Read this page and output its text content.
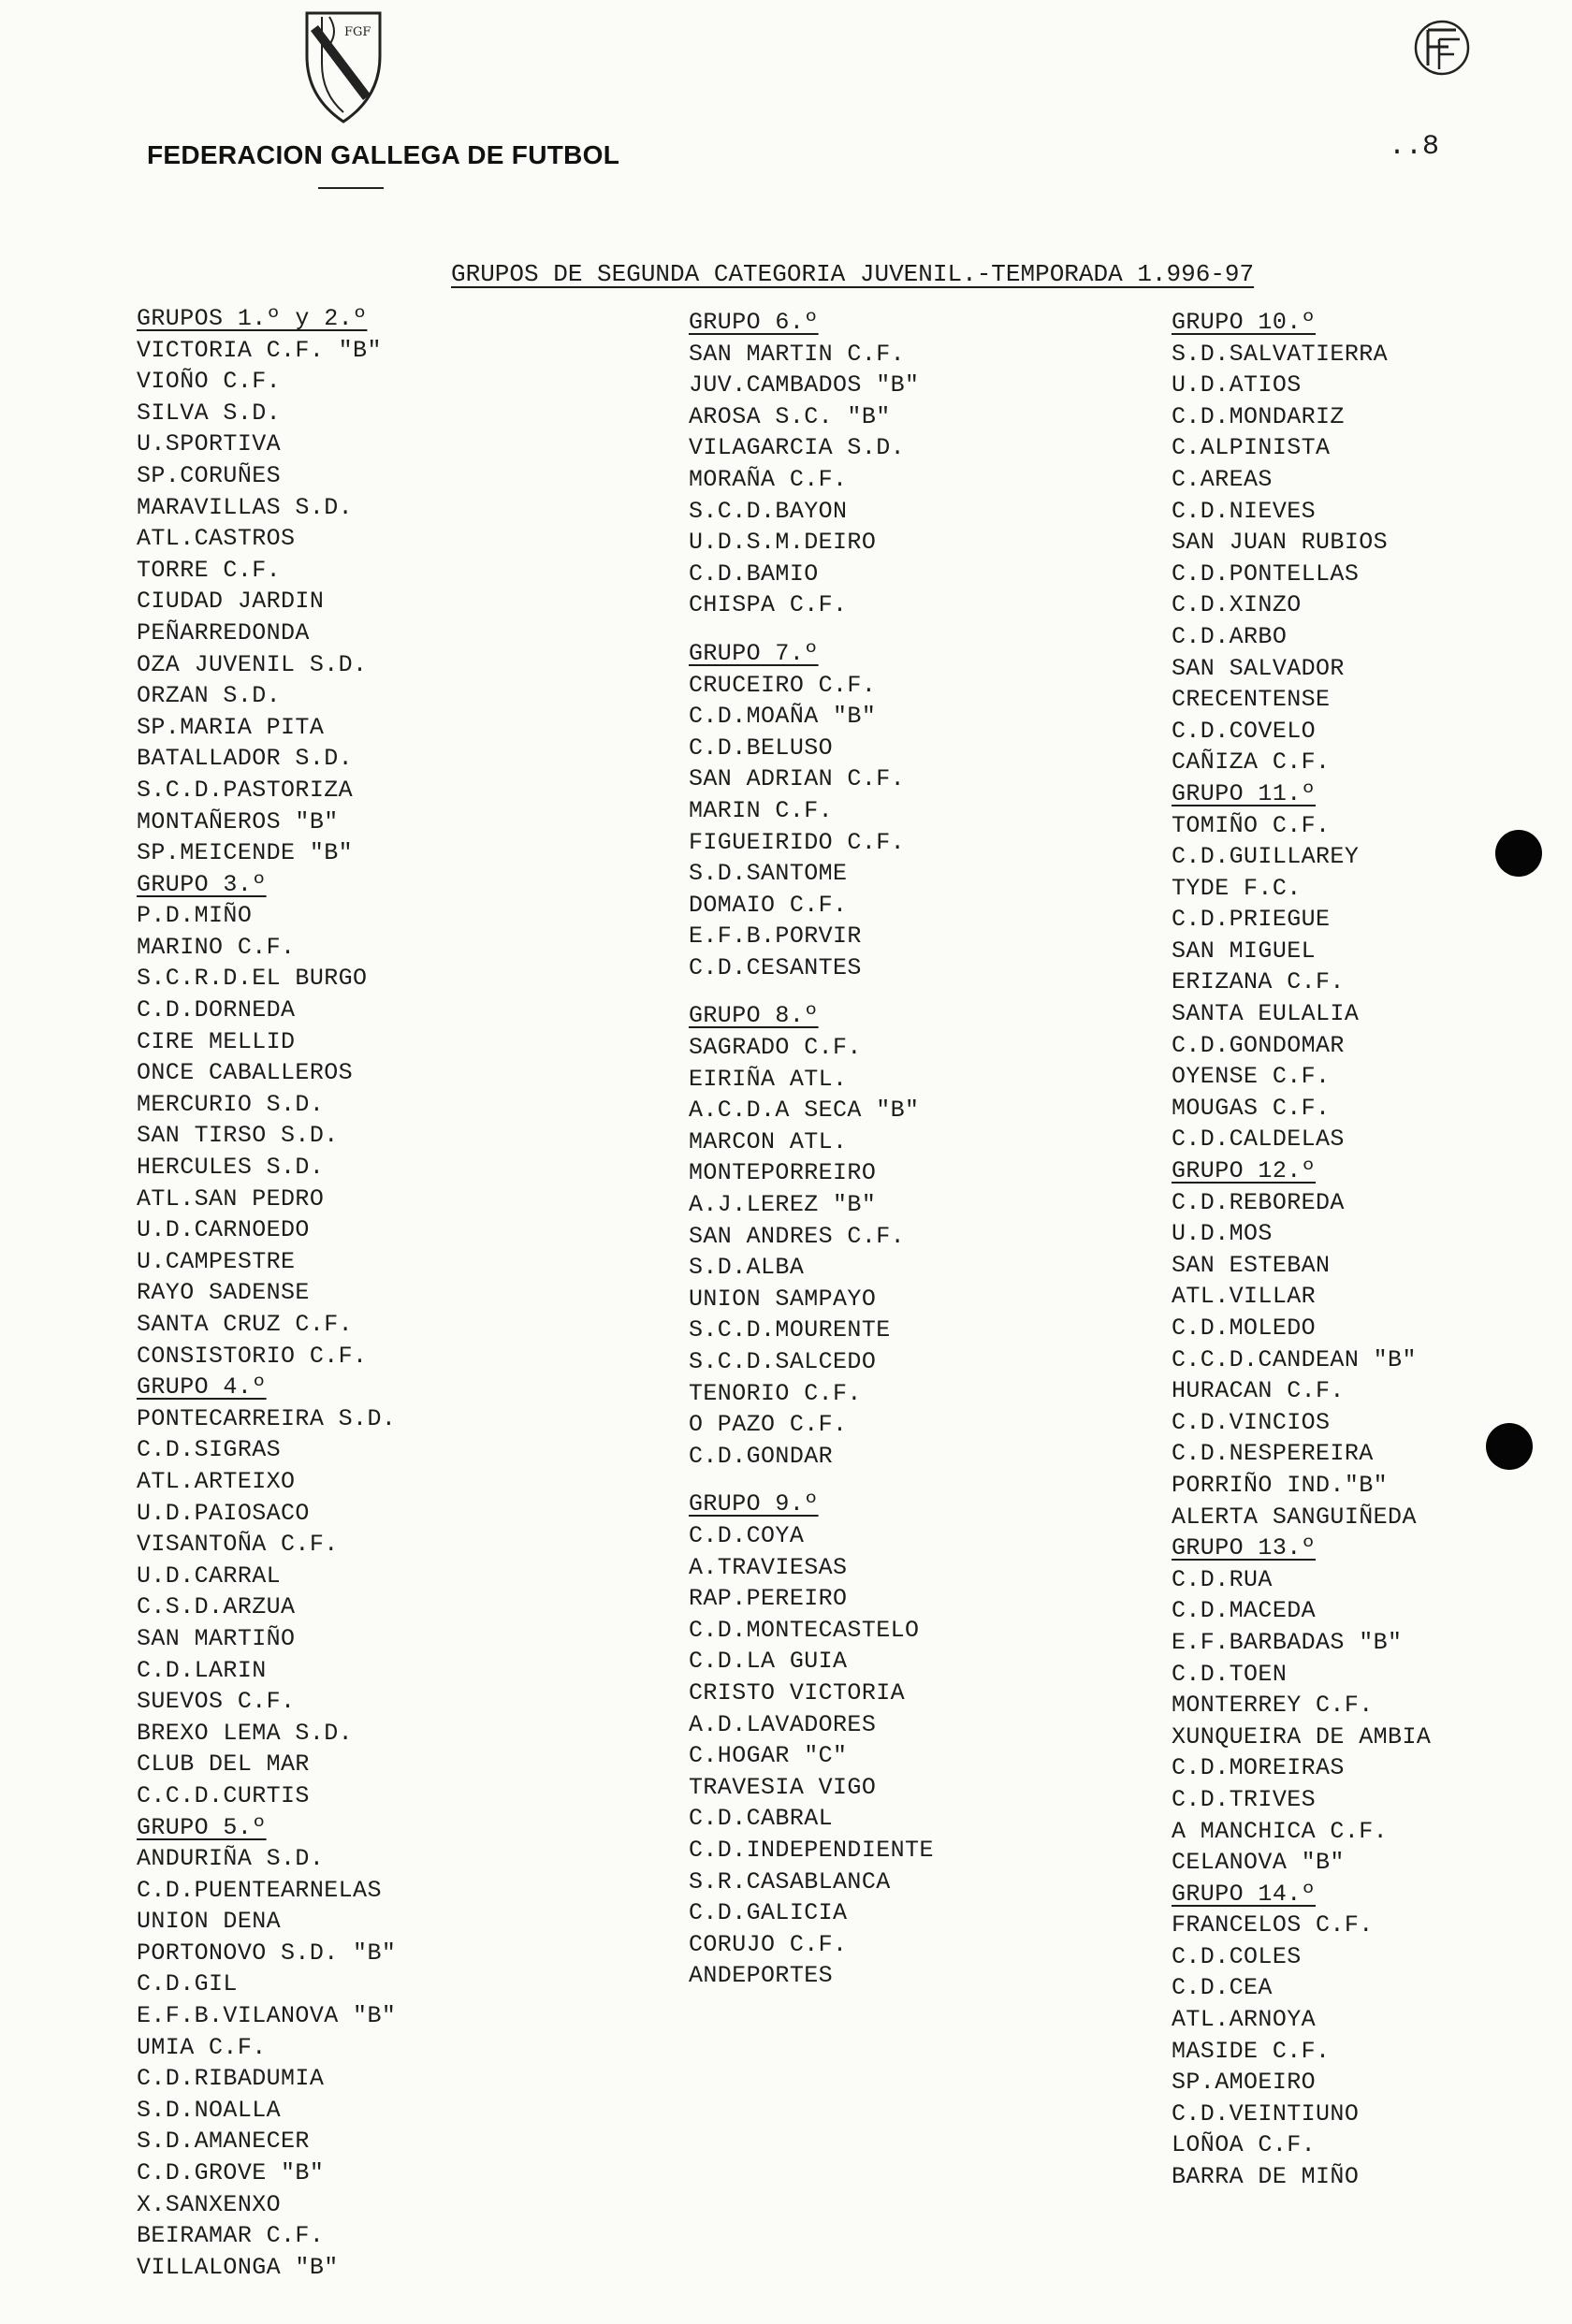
FGF
FEDERACION GALLEGA DE FUTBOL	..8
GRUPOS DE SEGUNDA CATEGORIA JUVENIL.-TEMPORADA 1.996-97
GRUPOS 1.º y 2.º
VICTORIA C.F. "B"
VIOÑO C.F.
SILVA S.D.
U.SPORTIVA
SP.CORUÑES
MARAVILLAS S.D.
ATL.CASTROS
TORRE C.F.
CIUDAD JARDIN
PEÑARREDONDA
OZA JUVENIL S.D.
ORZAN S.D.
SP.MARIA PITA
BATALLADOR S.D.
S.C.D.PASTORIZA
MONTAÑEROS "B"
SP.MEICENDE "B"
GRUPO 3.º
P.D.MIÑO
MARINO C.F.
S.C.R.D.EL BURGO
C.D.DORNEDA
CIRE MELLID
ONCE CABALLEROS
MERCURIO S.D.
SAN TIRSO S.D.
HERCULES S.D.
ATL.SAN PEDRO
U.D.CARNOEDO
U.CAMPESTRE
RAYO SADENSE
SANTA CRUZ C.F.
CONSISTORIO C.F.
GRUPO 4.º
PONTECARREIRA S.D.
C.D.SIGRAS
ATL.ARTEIXO
U.D.PAIOSACO
VISANTOÑA C.F.
U.D.CARRAL
C.S.D.ARZUA
SAN MARTIÑO
C.D.LARIN
SUEVOS C.F.
BREXO LEMA S.D.
CLUB DEL MAR
C.C.D.CURTIS
GRUPO 5.º
ANDURIÑA S.D.
C.D.PUENTEARNELAS
UNION DENA
PORTONOVO S.D. "B"
C.D.GIL
E.F.B.VILANOVA "B"
UMIA C.F.
C.D.RIBADUMIA
S.D.NOALLA
S.D.AMANECER
C.D.GROVE "B"
X.SANXENXO
BEIRAMAR C.F.
VILLALONGA "B"
GRUPO 6.º
SAN MARTIN C.F.
JUV.CAMBADOS "B"
AROSA S.C. "B"
VILAGARCIA S.D.
MORAÑA C.F.
S.C.D.BAYON
U.D.S.M.DEIRO
C.D.BAMIO
CHISPA C.F.
GRUPO 7.º
CRUCEIRO C.F.
C.D.MOAÑA "B"
C.D.BELUSO
SAN ADRIAN C.F.
MARIN C.F.
FIGUEIRIDO C.F.
S.D.SANTOME
DOMAIO C.F.
E.F.B.PORVIR
C.D.CESANTES
GRUPO 8.º
SAGRADO C.F.
EIRIÑA ATL.
A.C.D.A SECA "B"
MARCON ATL.
MONTEPORREIRO
A.J.LEREZ "B"
SAN ANDRES C.F.
S.D.ALBA
UNION SAMPAYO
S.C.D.MOURENTE
S.C.D.SALCEDO
TENORIO C.F.
O PAZO C.F.
C.D.GONDAR
GRUPO 9.º
C.D.COYA
A.TRAVIESAS
RAP.PEREIRO
C.D.MONTECASTELO
C.D.LA GUIA
CRISTO VICTORIA
A.D.LAVADORES
C.HOGAR "C"
TRAVESIA VIGO
C.D.CABRAL
C.D.INDEPENDIENTE
S.R.CASABLANCA
C.D.GALICIA
CORUJO C.F.
ANDEPORTES
GRUPO 10.º
S.D.SALVATIERRA
U.D.ATIOS
C.D.MONDARIZ
C.ALPINISTA
C.AREAS
C.D.NIEVES
SAN JUAN RUBIOS
C.D.PONTELLAS
C.D.XINZO
C.D.ARBO
SAN SALVADOR
CRECENTENSE
C.D.COVELO
CAÑIZA C.F.
GRUPO 11.º
TOMIÑO C.F.
C.D.GUILLAREY
TYDE F.C.
C.D.PRIEGUE
SAN MIGUEL
ERIZANA C.F.
SANTA EULALIA
C.D.GONDOMAR
OYENSE C.F.
MOUGAS C.F.
C.D.CALDELAS
GRUPO 12.º
C.D.REBOREDA
U.D.MOS
SAN ESTEBAN
ATL.VILLAR
C.D.MOLEDO
C.C.D.CANDEAN "B"
HURACAN C.F.
C.D.VINCIOS
C.D.NESPEREIRA
PORRIÑO IND."B"
ALERTA SANGUIÑEDA
GRUPO 13.º
C.D.RUA
C.D.MACEDA
E.F.BARBADAS "B"
C.D.TOEN
MONTERREY C.F.
XUNQUEIRA DE AMBIA
C.D.MOREIRAS
C.D.TRIVES
A MANCHICA C.F.
CELANOVA "B"
GRUPO 14.º
FRANCELOS C.F.
C.D.COLES
C.D.CEA
ATL.ARNOYA
MASIDE C.F.
SP.AMOEIRO
C.D.VEINTIUNO
LOÑOA C.F.
BARRA DE MIÑO
